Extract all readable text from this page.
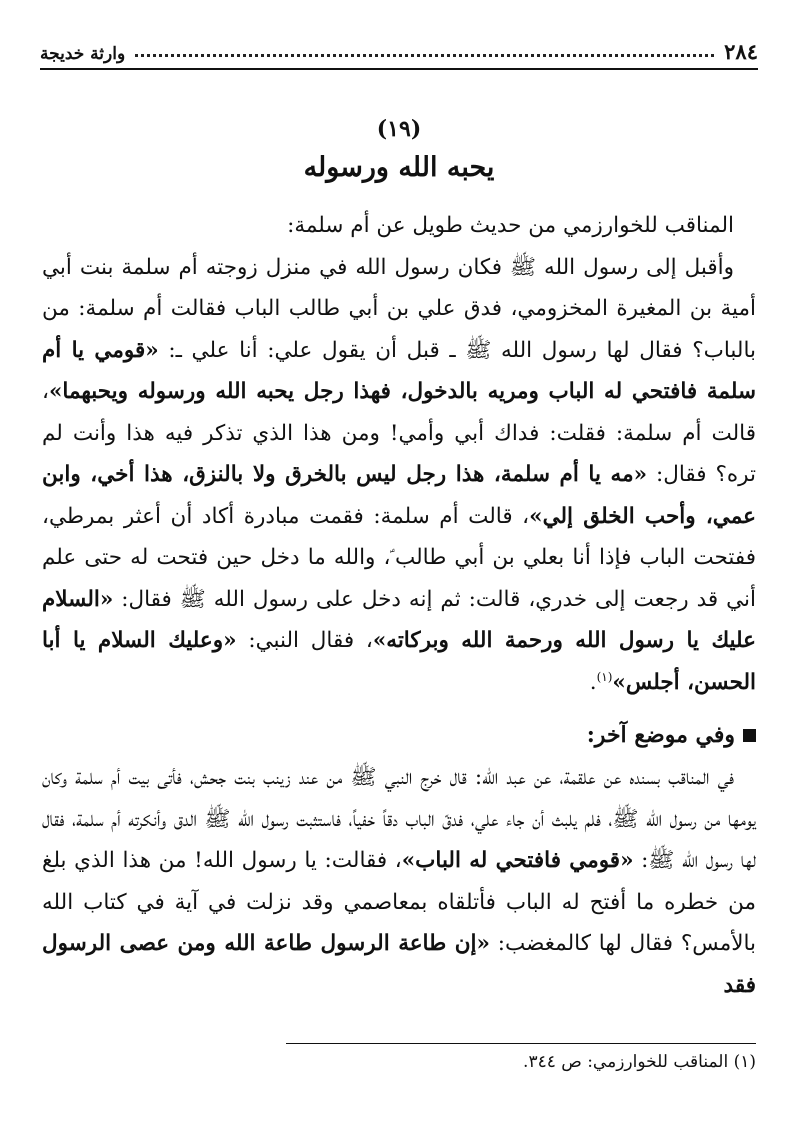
٢٨٤
وارثة خديجة
(١٩)
يحبه الله ورسوله

المناقب للخوارزمي من حديث طويل عن أم سلمة:

وأقبل إلى رسول الله ﷺ فكان رسول الله في منزل زوجته أم سلمة بنت أبي أمية بن المغيرة المخزومي، فدق علي بن أبي طالب الباب فقالت أم سلمة: من بالباب؟ فقال لها رسول الله ﷺ ـ قبل أن يقول علي: أنا علي ـ: «قومي يا أم سلمة فافتحي له الباب ومريه بالدخول، فهذا رجل يحبه الله ورسوله ويحبهما»، قالت أم سلمة: فقلت: فداك أبي وأمي! ومن هذا الذي تذكر فيه هذا وأنت لم تره؟ فقال: «مه يا أم سلمة، هذا رجل ليس بالخرق ولا بالنزق، هذا أخي، وابن عمي، وأحب الخلق إلي»، قالت أم سلمة: فقمت مبادرة أكاد أن أعثر بمرطي، ففتحت الباب فإذا أنا بعلي بن أبي طالب ؑ، والله ما دخل حين فتحت له حتى علم أني قد رجعت إلى خدري، قالت: ثم إنه دخل على رسول الله ﷺ فقال: «السلام عليك يا رسول الله ورحمة الله وبركاته»، فقال النبي: «وعليك السلام يا أبا الحسن، أجلس»$^{(١)}$.

وفي موضع آخر:

في المناقب بسنده عن علقمة، عن عبد الله: قال خرج النبي ﷺ من عند زينب بنت جحش، فأتى بيت أم سلمة وكان يومها من رسول الله ﷺ، فلم يلبث أن جاء علي، فدقّ الباب دقاً خفياً، فاستثبت رسول الله ﷺ الدق وأنكرته أم سلمة، فقال لها رسول الله ﷺ: «قومي فافتحي له الباب»، فقالت: يا رسول الله! من هذا الذي بلغ من خطره ما أفتح له الباب فأتلقاه بمعاصمي وقد نزلت في آية في كتاب الله بالأمس؟ فقال لها كالمغضب: «إن طاعة الرسول طاعة الله ومن عصى الرسول فقد

(١) المناقب للخوارزمي: ص ٣٤٤.
